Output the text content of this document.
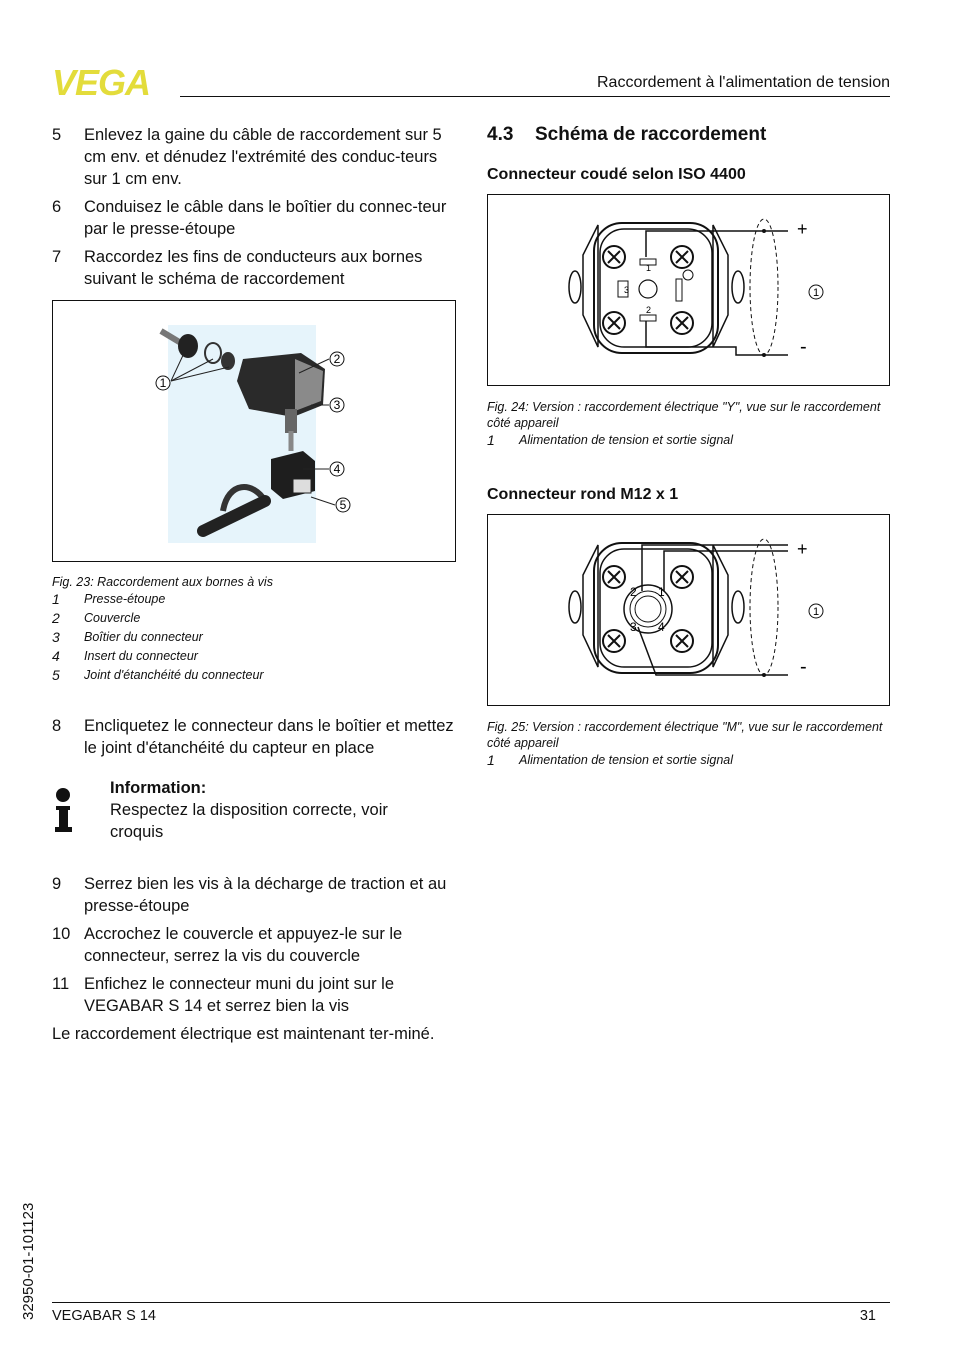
VEGA	Raccordement à l'alimentation de tension
5	Enlevez la gaine du câble de raccordement sur 5 cm env. et dénudez l'extrémité des conduc-teurs sur 1 cm env.
6	Conduisez le câble dans le boîtier du connec-teur par le presse-étoupe
7	Raccordez les fins de conducteurs aux bornes suivant le schéma de raccordement
1
2
3
4
5
Fig. 23: Raccordement aux bornes à vis
1	Presse-étoupe
2	Couvercle
3	Boîtier du connecteur
4	Insert du connecteur
5	Joint d'étanchéité du connecteur
8	Encliquetez le connecteur dans le boîtier et mettez le joint d'étanchéité du capteur en place
Information:
Respectez la disposition correcte, voir croquis
9	Serrez bien les vis à la décharge de traction et au presse-étoupe
10 Accrochez le couvercle et appuyez-le sur le connecteur, serrez la vis du couvercle
11 Enfichez le connecteur muni du joint sur le VEGABAR S 14 et serrez bien la vis
Le raccordement électrique est maintenant ter-miné.
4.3	Schéma de raccordement
Connecteur coudé selon ISO 4400
1
2
3
+
-
1
Fig. 24: Version : raccordement électrique "Y", vue sur le raccordement côté appareil
1	Alimentation de tension et sortie signal
Connecteur rond M12 x 1
2 1
3 4
+
-
1
Fig. 25: Version : raccordement électrique "M", vue sur le raccordement côté appareil
1	Alimentation de tension et sortie signal
32950-01-101123 VEGABAR S 14	31
